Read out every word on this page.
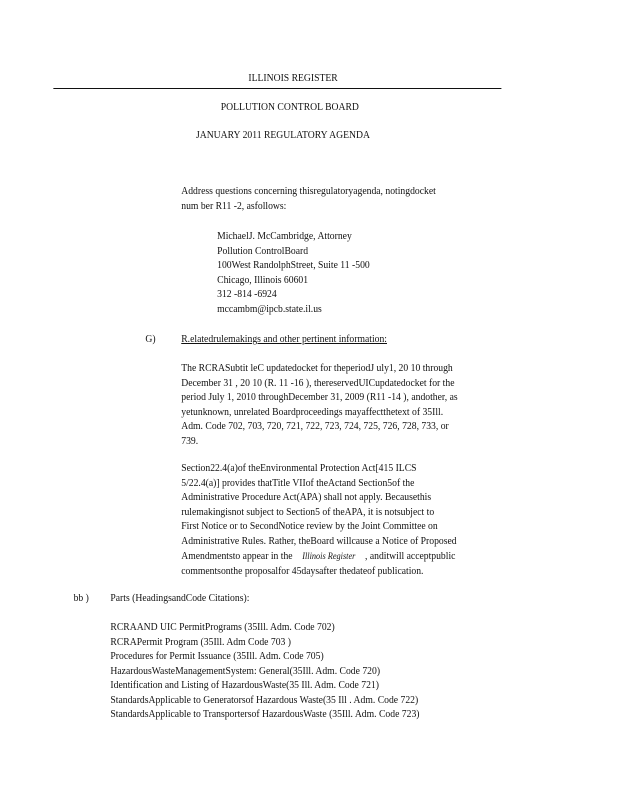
ILLINOIS REGISTER
POLLUTION CONTROL BOARD
JANUARY 2011 REGULATORY AGENDA
Address questions concerning thisregulatoryagenda, notingdocket
num ber R11 -2, asfollows:
MichaelJ. McCambridge, Attorney
Pollution ControlBoard
100West RandolphStreet, Suite 11 -500
Chicago, Illinois 60601
312 -814 -6924
mccambm@ipcb.state.il.us
G) R.elatedrulemakings and other pertinent information:
The RCRASubtit leC updatedocket for theperiodJ uly1, 20 10 through
December 31 , 20 10 (R. 11 -16 ), thereservedUICupdatedocket for the
period July 1, 2010 throughDecember 31, 2009 (R11 -14 ), andother, as
yetunknown, unrelated Boardproceedings mayaffectthetext of 35Ill.
Adm. Code 702, 703, 720, 721, 722, 723, 724, 725, 726, 728, 733, or
739.
Section22.4(a)of theEnvironmental Protection Act[415 ILCS
5/22.4(a)] provides thatTitle VIIof theActand Section5of the
Administrative Procedure Act(APA) shall not apply. Becausethis
rulemakingisnot subject to Section5 of theAPA, it is notsubject to
First Notice or to SecondNotice review by the Joint Committee on
Administrative Rules. Rather, theBoard willcause a Notice of Proposed
Amendmentsto appear in the Illinois Register , anditwill acceptpublic
commentsonthe proposalfor 45daysafter thedateof publication.
bb ) Parts (HeadingsandCode Citations):
RCRAAND UIC PermitPrograms (35Ill. Adm. Code 702)
RCRAPermit Program (35Ill. Adm Code 703 )
Procedures for Permit Issuance (35Ill. Adm. Code 705)
HazardousWasteManagementSystem: General(35Ill. Adm. Code 720)
Identification and Listing of HazardousWaste(35 Ill. Adm. Code 721)
StandardsApplicable to Generatorsof Hazardous Waste(35 Ill . Adm. Code 722)
StandardsApplicable to Transportersof HazardousWaste (35Ill. Adm. Code 723)
